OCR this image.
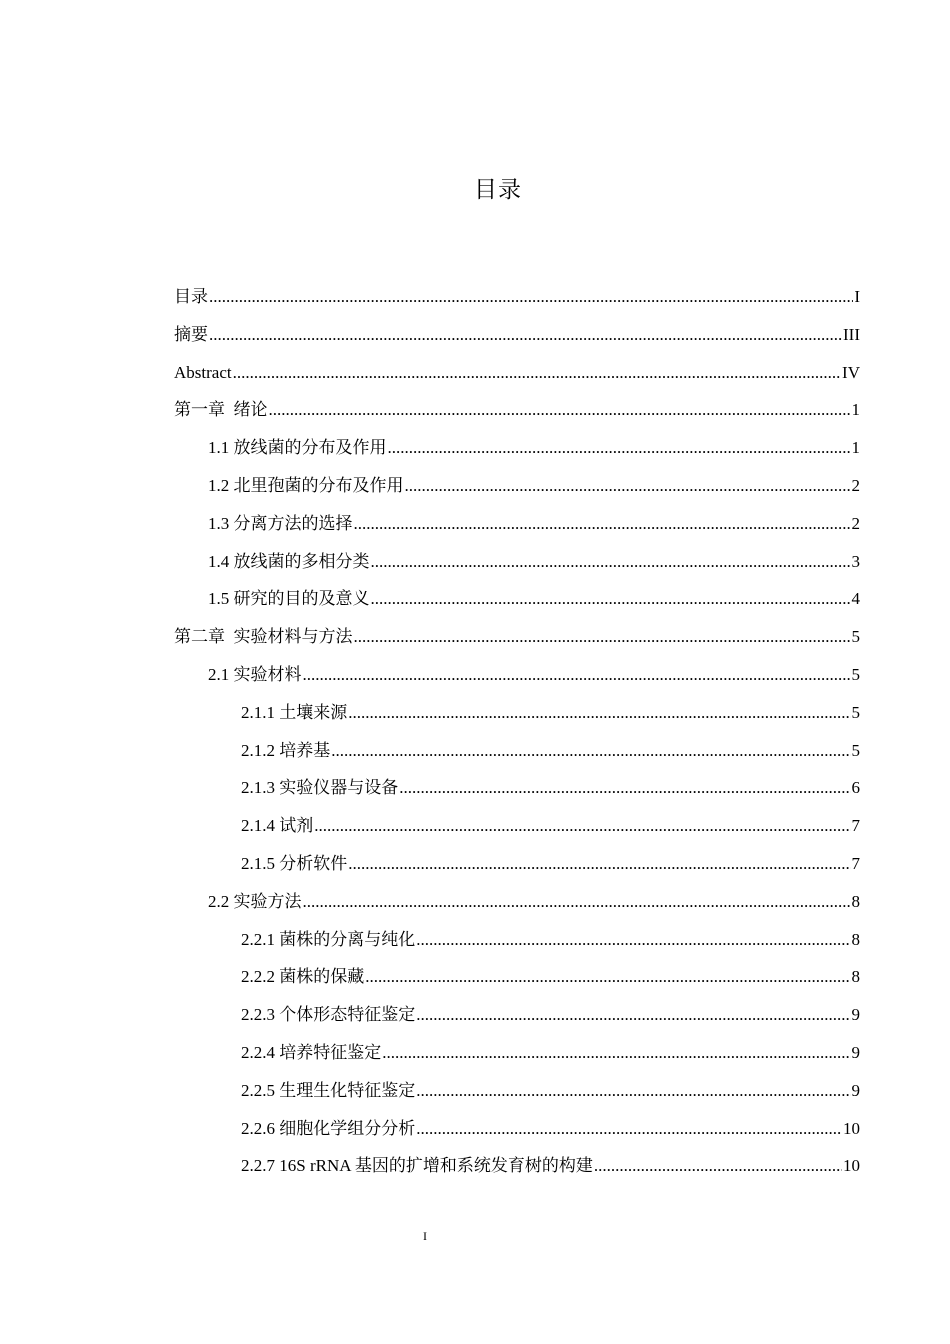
目录
目录 .....	I
摘要 .....	III
Abstract .....	IV
第一章  绪论 .....	1
1.1 放线菌的分布及作用 .....	1
1.2 北里孢菌的分布及作用 .....	2
1.3 分离方法的选择 .....	2
1.4 放线菌的多相分类 .....	3
1.5 研究的目的及意义 .....	4
第二章  实验材料与方法 .....	5
2.1 实验材料 .....	5
2.1.1 土壤来源 .....	5
2.1.2 培养基 .....	5
2.1.3 实验仪器与设备 .....	6
2.1.4 试剂 .....	7
2.1.5 分析软件 .....	7
2.2 实验方法 .....	8
2.2.1 菌株的分离与纯化 .....	8
2.2.2 菌株的保藏 .....	8
2.2.3 个体形态特征鉴定 .....	9
2.2.4 培养特征鉴定 .....	9
2.2.5 生理生化特征鉴定 .....	9
2.2.6 细胞化学组分分析 .....	10
2.2.7 16S rRNA 基因的扩增和系统发育树的构建 .....	10
I
